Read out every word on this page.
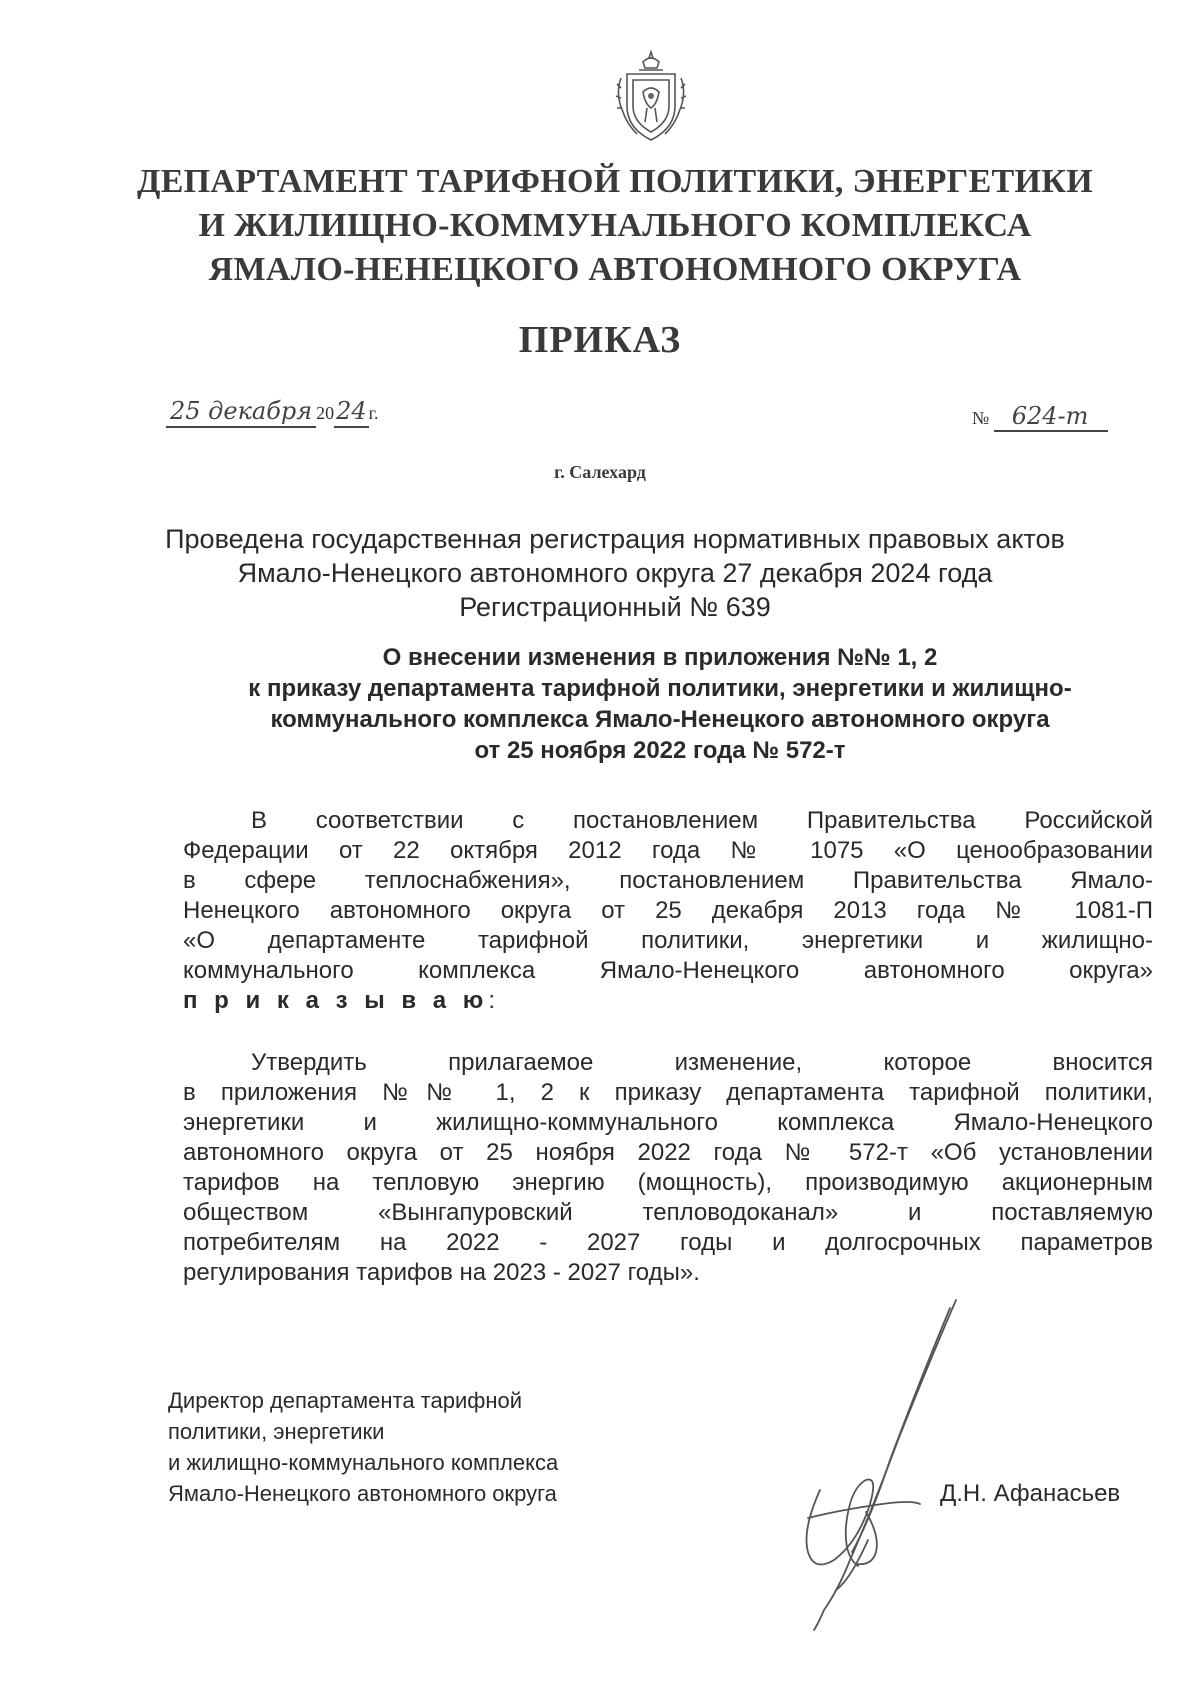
ДЕПАРТАМЕНТ ТАРИФНОЙ ПОЛИТИКИ, ЭНЕРГЕТИКИ
И ЖИЛИЩНО-КОММУНАЛЬНОГО КОМПЛЕКСА
ЯМАЛО-НЕНЕЦКОГО АВТОНОМНОГО ОКРУГА
ПРИКАЗ
25 декабря 2024 г.	№ 624-т
г. Салехард
Проведена государственная регистрация нормативных правовых актов
Ямало-Ненецкого автономного округа 27 декабря 2024 года
Регистрационный № 639
О внесении изменения в приложения №№ 1, 2
к приказу департамента тарифной политики, энергетики и жилищно-
коммунального комплекса Ямало-Ненецкого автономного округа
от 25 ноября 2022 года № 572-т
В соответствии с постановлением Правительства Российской
Федерации от 22 октября 2012 года № 1075 «О ценообразовании
в сфере теплоснабжения», постановлением Правительства Ямало-
Ненецкого автономного округа от 25 декабря 2013 года № 1081-П
«О департаменте тарифной политики, энергетики и жилищно-
коммунального комплекса Ямало-Ненецкого автономного округа»
п р и к а з ы в а ю:
Утвердить прилагаемое изменение, которое вносится
в приложения №№ 1, 2 к приказу департамента тарифной политики,
энергетики и жилищно-коммунального комплекса Ямало-Ненецкого
автономного округа от 25 ноября 2022 года № 572-т «Об установлении
тарифов на тепловую энергию (мощность), производимую акционерным
обществом «Вынгапуровский тепловодоканал» и поставляемую
потребителям на 2022 - 2027 годы и долгосрочных параметров
регулирования тарифов на 2023 - 2027 годы».
Директор департамента тарифной
политики, энергетики
и жилищно-коммунального комплекса
Ямало-Ненецкого автономного округа	Д.Н. Афанасьев
